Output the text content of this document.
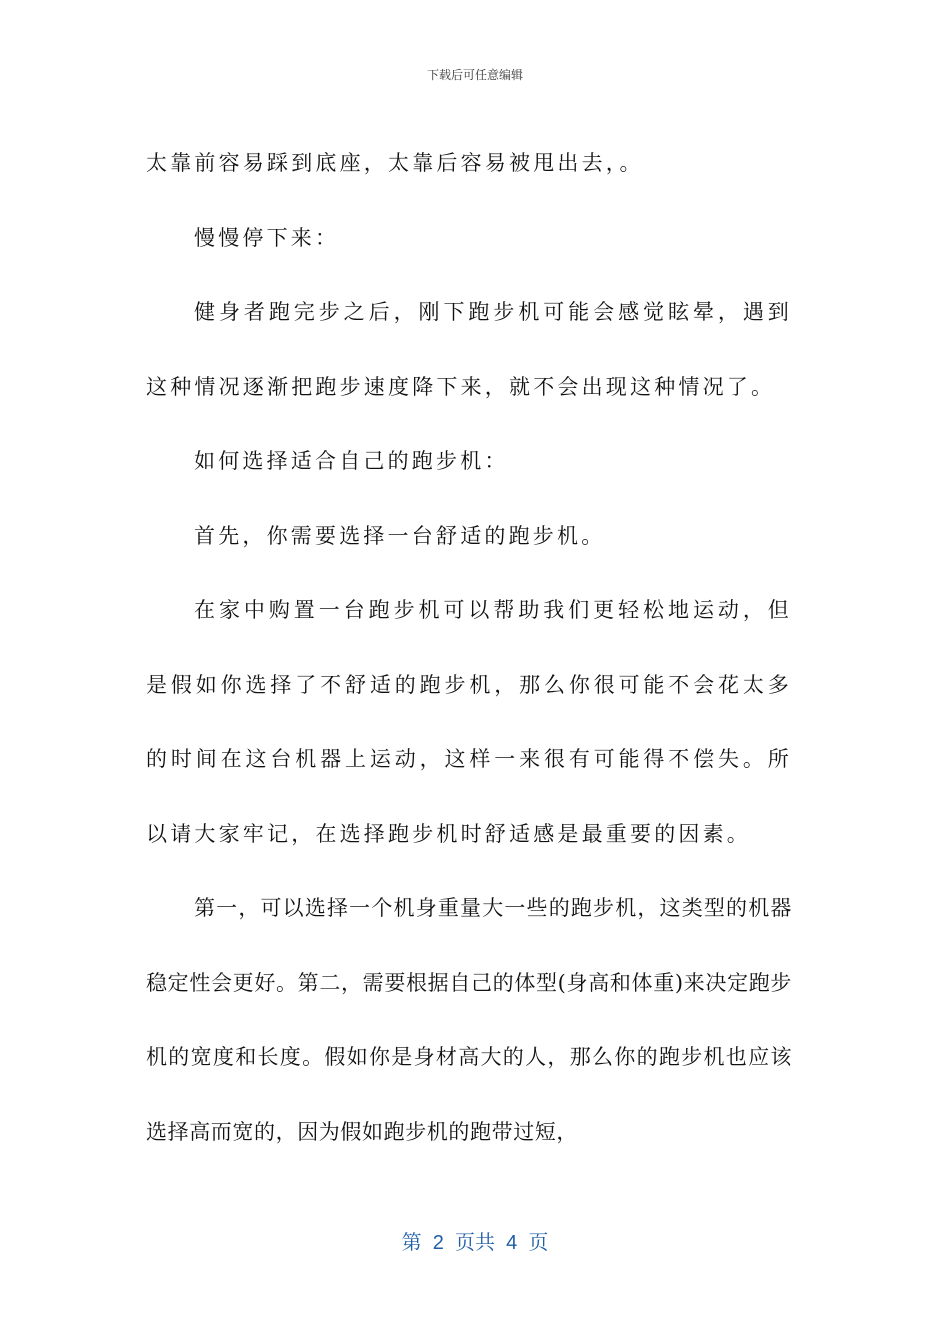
下载后可任意编辑

太靠前容易踩到底座，太靠后容易被甩出去，。

慢慢停下来：

健身者跑完步之后，刚下跑步机可能会感觉眩晕，遇到这种情况逐渐把跑步速度降下来，就不会出现这种情况了。

如何选择适合自己的跑步机：

首先，你需要选择一台舒适的跑步机。

在家中购置一台跑步机可以帮助我们更轻松地运动，但是假如你选择了不舒适的跑步机，那么你很可能不会花太多的时间在这台机器上运动，这样一来很有可能得不偿失。所以请大家牢记，在选择跑步机时舒适感是最重要的因素。

第一，可以选择一个机身重量大一些的跑步机，这类型的机器稳定性会更好。第二，需要根据自己的体型(身高和体重)来决定跑步机的宽度和长度。假如你是身材高大的人，那么你的跑步机也应该选择高而宽的，因为假如跑步机的跑带过短，

第  2  页共  4  页
